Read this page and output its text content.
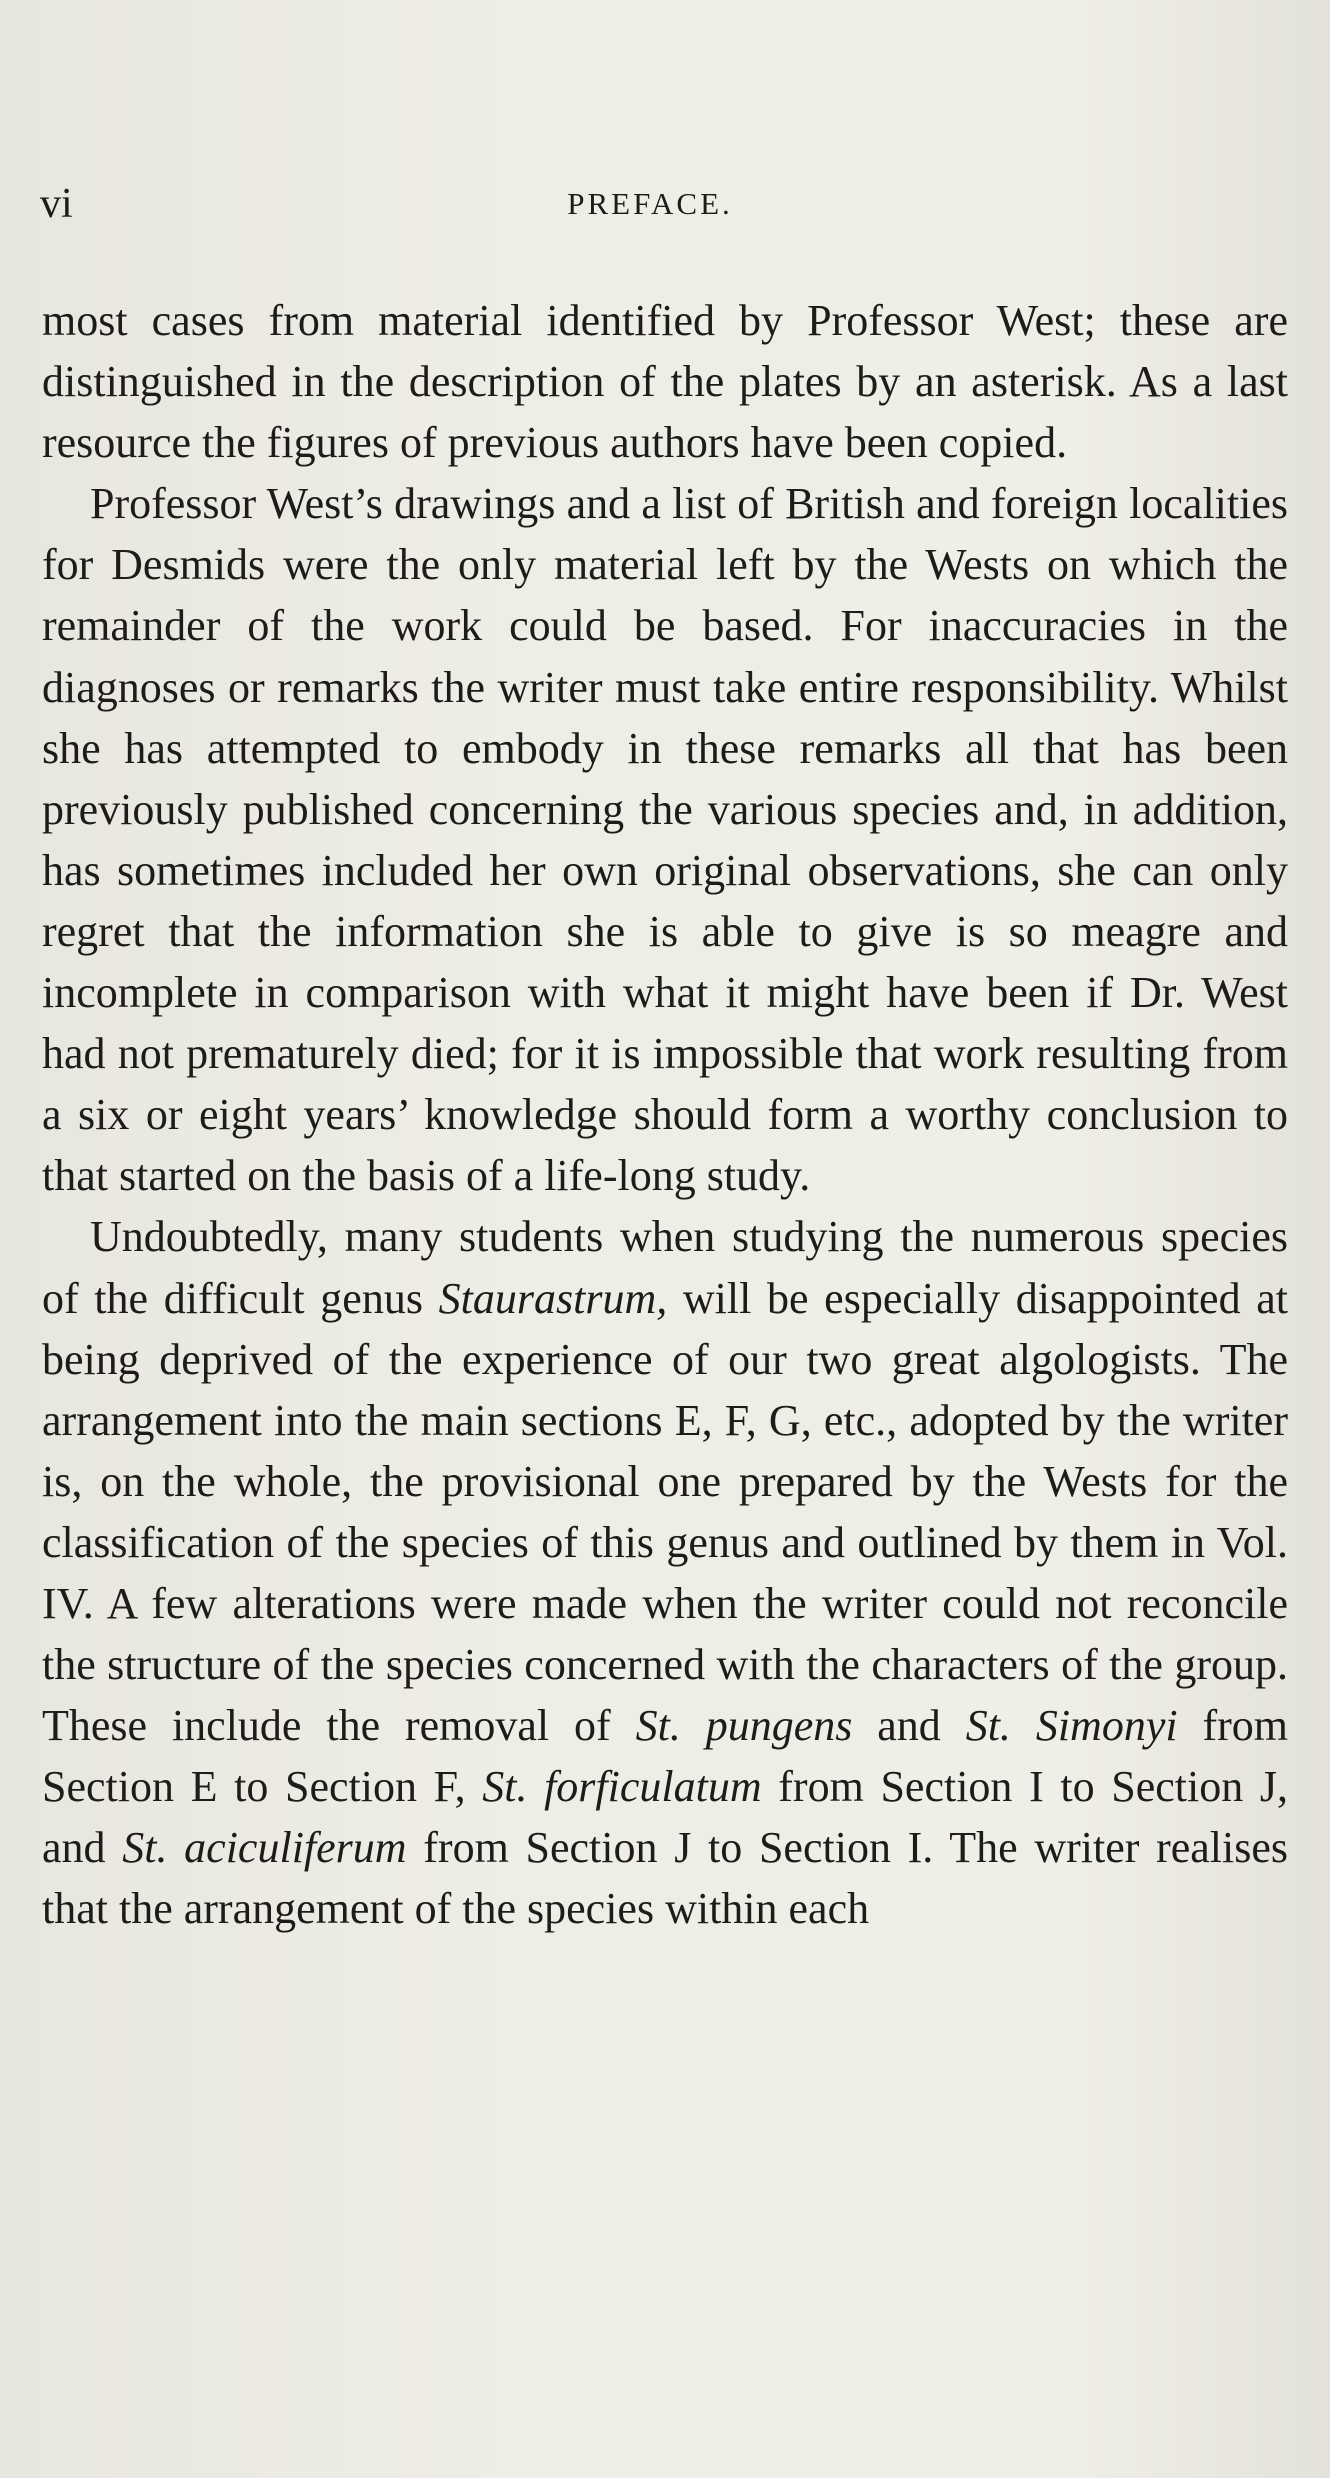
vi	PREFACE.

most cases from material identified by Professor West; these are distinguished in the description of the plates by an asterisk. As a last resource the figures of previous authors have been copied.

Professor West’s drawings and a list of British and foreign localities for Desmids were the only material left by the Wests on which the remainder of the work could be based. For inaccuracies in the diagnoses or remarks the writer must take entire responsibility. Whilst she has attempted to embody in these remarks all that has been previously published concerning the various species and, in addition, has sometimes included her own original observations, she can only regret that the information she is able to give is so meagre and incomplete in comparison with what it might have been if Dr. West had not prematurely died; for it is impossible that work resulting from a six or eight years’ knowledge should form a worthy conclusion to that started on the basis of a life-long study.

Undoubtedly, many students when studying the numerous species of the difficult genus Staurastrum, will be especially disappointed at being deprived of the experience of our two great algologists. The arrangement into the main sections E, F, G, etc., adopted by the writer is, on the whole, the provisional one prepared by the Wests for the classification of the species of this genus and outlined by them in Vol. IV. A few alterations were made when the writer could not reconcile the structure of the species concerned with the characters of the group. These include the removal of St. pungens and St. Simonyi from Section E to Section F, St. forficulatum from Section I to Section J, and St. aciculiferum from Section J to Section I. The writer realises that the arrangement of the species within each
